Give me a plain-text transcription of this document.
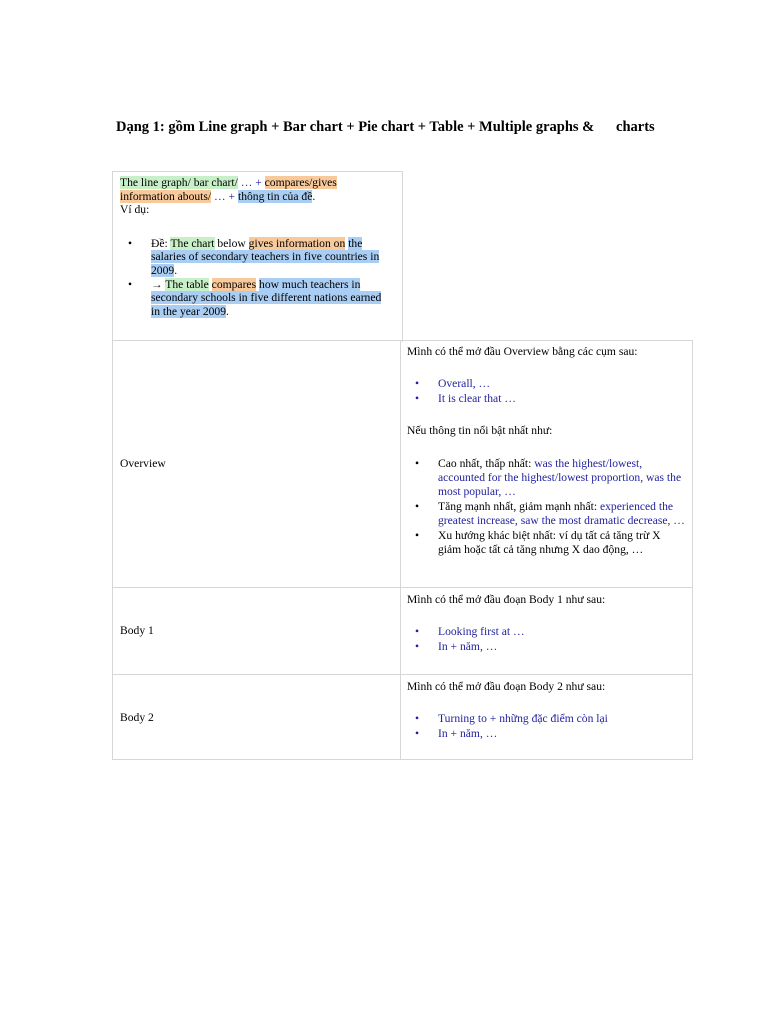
Dạng 1: gồm Line graph + Bar chart + Pie chart + Table + Multiple graphs &      charts

The line graph/ bar chart/ … + compares/gives information abouts/ … + thông tin của đề.

Ví dụ:

• Đề: The chart below gives information on the salaries of secondary teachers in five countries in 2009.
• → The table compares how much teachers in secondary schools in five different nations earned in the year 2009.
Overview

Mình có thể mở đầu Overview bằng các cụm sau:

• Overall, …
• It is clear that …

Nếu thông tin nổi bật nhất như:

• Cao nhất, thấp nhất: was the highest/lowest, accounted for the highest/lowest proportion, was the most popular, …
• Tăng mạnh nhất, giảm mạnh nhất: experienced the greatest increase, saw the most dramatic decrease, …
• Xu hướng khác biệt nhất: ví dụ tất cả tăng trừ X giảm hoặc tất cả tăng nhưng X dao động, …
Body 1

Mình có thể mở đầu đoạn Body 1 như sau:

• Looking first at …
• In + năm, …
Body 2

Mình có thể mở đầu đoạn Body 2 như sau:

• Turning to + những đặc điểm còn lại
• In + năm, …
